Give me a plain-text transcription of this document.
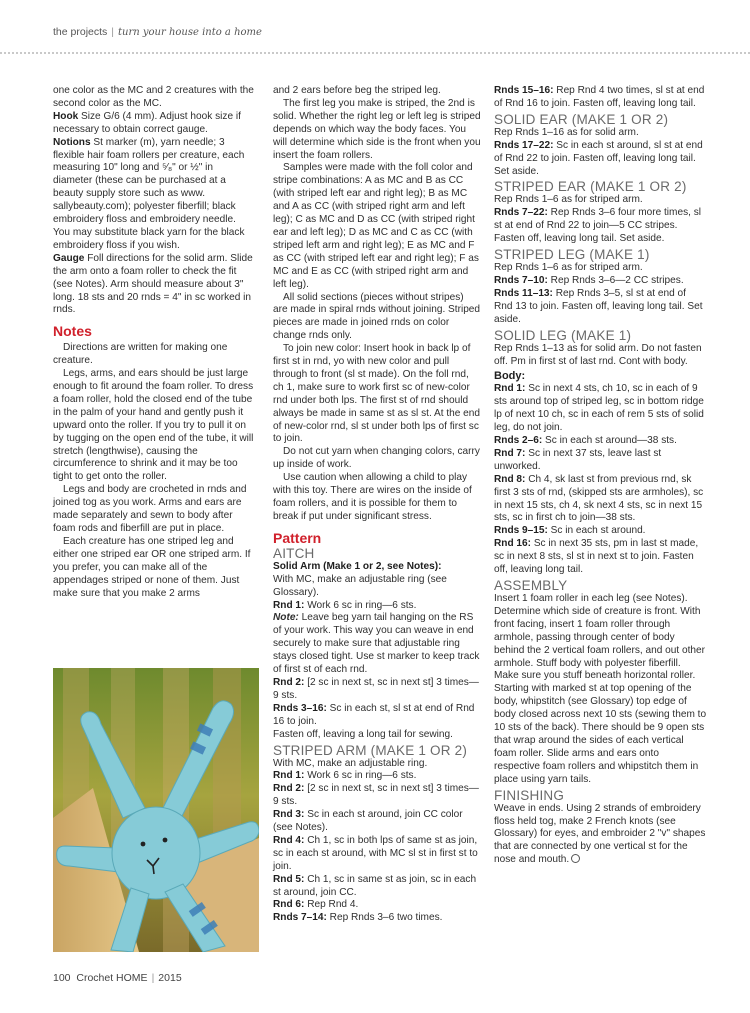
the projects | turn your house into a home

one color as the MC and 2 creatures with the second color as the MC.

Hook Size G/6 (4 mm). Adjust hook size if necessary to obtain correct gauge.

Notions St marker (m), yarn needle; 3 flexible hair foam rollers per creature, each measuring 10" long and ⁵⁄₈" or ½" in diameter (these can be purchased at a beauty supply store such as www. sallybeauty.com); polyester fiberfill; black embroidery floss and embroidery needle. You may substitute black yarn for the black embroidery floss if you wish.

Gauge Foll directions for the solid arm. Slide the arm onto a foam roller to check the fit (see Notes). Arm should measure about 3" long. 18 sts and 20 rnds = 4" in sc worked in rnds.

Notes

Directions are written for making one creature.

Legs, arms, and ears should be just large enough to fit around the foam roller. To dress a foam roller, hold the closed end of the tube in the palm of your hand and gently push it upward onto the roller. If you try to pull it on by tugging on the open end of the tube, it will stretch (lengthwise), causing the circumference to shrink and it may be too tight to get onto the roller.

Legs and body are crocheted in rnds and joined tog as you work. Arms and ears are made separately and sewn to body after foam rods and fiberfill are put in place.

Each creature has one striped leg and either one striped ear OR one striped arm. If you prefer, you can make all of the appendages striped or none of them. Just make sure that you make 2 arms

and 2 ears before beg the striped leg.

The first leg you make is striped, the 2nd is solid. Whether the right leg or left leg is striped depends on which way the body faces. You will determine which side is the front when you insert the foam rollers.

Samples were made with the foll color and stripe combinations: A as MC and B as CC (with striped left ear and right leg); B as MC and A as CC (with striped right arm and left leg); C as MC and D as CC (with striped right ear and left leg); D as MC and C as CC (with striped left arm and right leg); E as MC and F as CC (with striped left ear and right leg); F as MC and E as CC (with striped right arm and left leg).

All solid sections (pieces without stripes) are made in spiral rnds without joining. Striped pieces are made in joined rnds on color change rnds only.

To join new color: Insert hook in back lp of first st in rnd, yo with new color and pull through to front (sl st made). On the foll rnd, ch 1, make sure to work first sc of new-color rnd under both lps. The first st of rnd should always be made in same st as sl st. At the end of new-color rnd, sl st under both lps of first sc to join.

Do not cut yarn when changing colors, carry up inside of work.

Use caution when allowing a child to play with this toy. There are wires on the inside of foam rollers, and it is possible for them to break if put under significant stress.

Pattern
AITCH

Solid Arm (Make 1 or 2, see Notes):

With MC, make an adjustable ring (see Glossary).

Rnd 1: Work 6 sc in ring—6 sts.

Note: Leave beg yarn tail hanging on the RS of your work. This way you can weave in end securely to make sure that adjustable ring stays closed tight. Use st marker to keep track of first st of each rnd.

Rnd 2: [2 sc in next st, sc in next st] 3 times—9 sts.

Rnds 3–16: Sc in each st, sl st at end of Rnd 16 to join.

Fasten off, leaving a long tail for sewing.

STRIPED ARM (MAKE 1 OR 2)

With MC, make an adjustable ring.

Rnd 1: Work 6 sc in ring—6 sts.

Rnd 2: [2 sc in next st, sc in next st] 3 times—9 sts.

Rnd 3: Sc in each st around, join CC color (see Notes).

Rnd 4: Ch 1, sc in both lps of same st as join, sc in each st around, with MC sl st in first st to join.

Rnd 5: Ch 1, sc in same st as join, sc in each st around, join CC.

Rnd 6: Rep Rnd 4.

Rnds 7–14: Rep Rnds 3–6 two times.

Rnds 15–16: Rep Rnd 4 two times, sl st at end of Rnd 16 to join. Fasten off, leaving long tail.

SOLID EAR (MAKE 1 OR 2)

Rep Rnds 1–16 as for solid arm.

Rnds 17–22: Sc in each st around, sl st at end of Rnd 22 to join. Fasten off, leaving long tail. Set aside.

STRIPED EAR (MAKE 1 OR 2)

Rep Rnds 1–6 as for striped arm.

Rnds 7–22: Rep Rnds 3–6 four more times, sl st at end of Rnd 22 to join—5 CC stripes. Fasten off, leaving long tail. Set aside.

STRIPED LEG (MAKE 1)

Rep Rnds 1–6 as for striped arm.

Rnds 7–10: Rep Rnds 3–6—2 CC stripes.

Rnds 11–13: Rep Rnds 3–5, sl st at end of Rnd 13 to join. Fasten off, leaving long tail. Set aside.

SOLID LEG (MAKE 1)

Rep Rnds 1–13 as for solid arm. Do not fasten off. Pm in first st of last rnd. Cont with body.

Body:

Rnd 1: Sc in next 4 sts, ch 10, sc in each of 9 sts around top of striped leg, sc in bottom ridge lp of next 10 ch, sc in each of rem 5 sts of solid leg, do not join.

Rnds 2–6: Sc in each st around—38 sts.

Rnd 7: Sc in next 37 sts, leave last st unworked.

Rnd 8: Ch 4, sk last st from previous rnd, sk first 3 sts of rnd, (skipped sts are armholes), sc in next 15 sts, ch 4, sk next 4 sts, sc in next 15 sts, sc in first ch to join—38 sts.

Rnds 9–15: Sc in each st around.

Rnd 16: Sc in next 35 sts, pm in last st made, sc in next 8 sts, sl st in next st to join. Fasten off, leaving long tail.

ASSEMBLY

Insert 1 foam roller in each leg (see Notes). Determine which side of creature is front. With front facing, insert 1 foam roller through armhole, passing through center of body behind the 2 vertical foam rollers, and out other armhole. Stuff body with polyester fiberfill. Make sure you stuff beneath horizontal roller. Starting with marked st at top opening of the body, whipstitch (see Glossary) top edge of body closed across next 10 sts (sewing them to 10 sts of the back). There should be 9 open sts that wrap around the sides of each vertical foam roller. Slide arms and ears onto respective foam rollers and whipstitch them in place using yarn tails.

FINISHING

Weave in ends. Using 2 strands of embroidery floss held tog, make 2 French knots (see Glossary) for eyes, and embroider 2 "v" shapes that are connected by one vertical st for the nose and mouth.

100 Crochet HOME | 2015
